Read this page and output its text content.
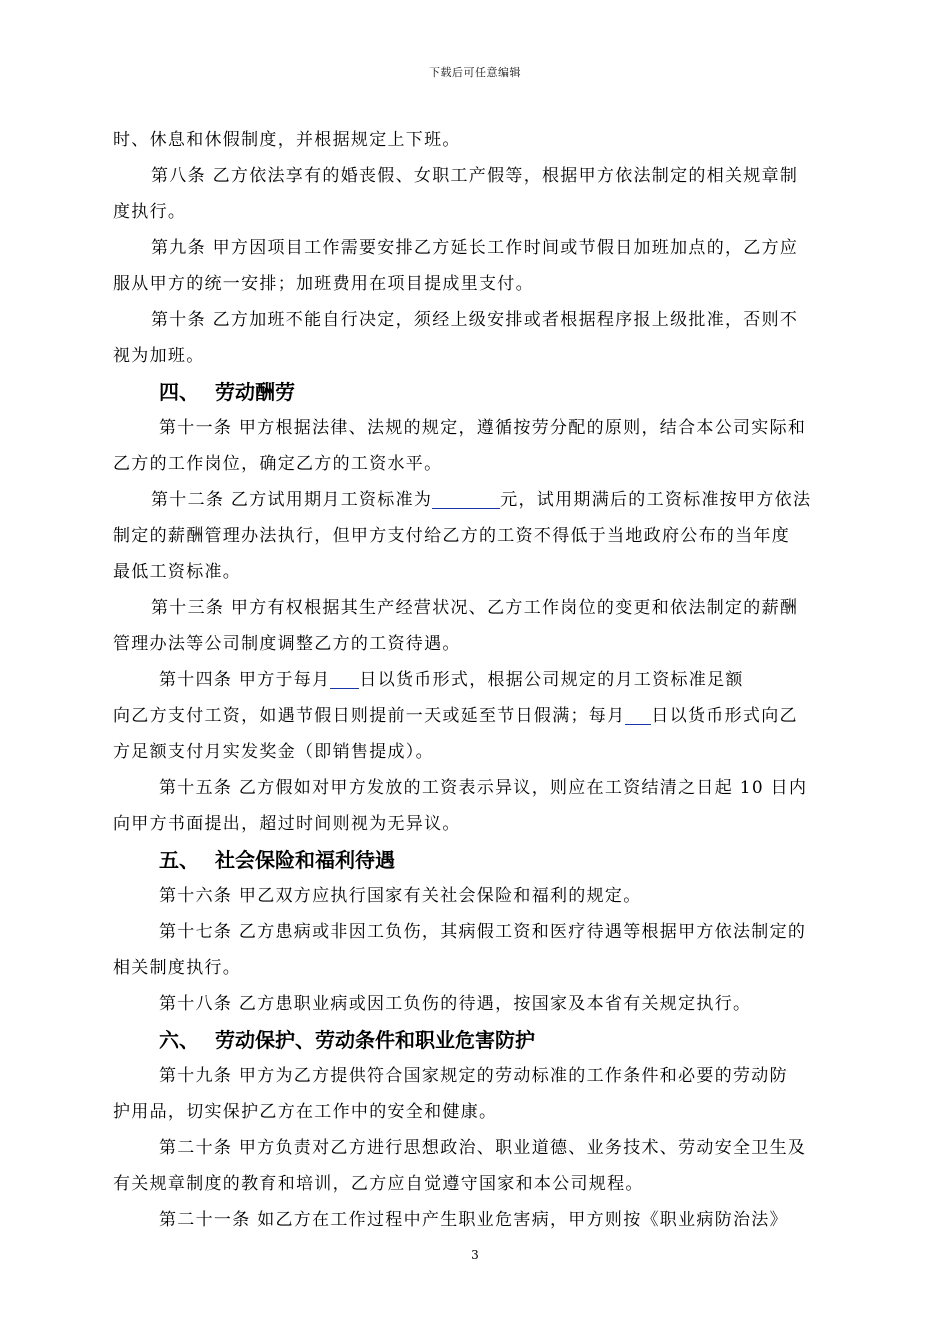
下载后可任意编辑
时、休息和休假制度，并根据规定上下班。
第八条 乙方依法享有的婚丧假、女职工产假等，根据甲方依法制定的相关规章制
度执行。
第九条 甲方因项目工作需要安排乙方延长工作时间或节假日加班加点的，乙方应
服从甲方的统一安排；加班费用在项目提成里支付。
第十条 乙方加班不能自行决定，须经上级安排或者根据程序报上级批准，否则不
视为加班。
四、 劳动酬劳
第十一条 甲方根据法律、法规的规定，遵循按劳分配的原则，结合本公司实际和
乙方的工作岗位，确定乙方的工资水平。
第十二条 乙方试用期月工资标准为	元，试用期满后的工资标准按甲方依法
制定的薪酬管理办法执行，但甲方支付给乙方的工资不得低于当地政府公布的当年度
最低工资标准。
第十三条 甲方有权根据其生产经营状况、乙方工作岗位的变更和依法制定的薪酬
管理办法等公司制度调整乙方的工资待遇。
第十四条 甲方于每月 日以货币形式，根据公司规定的月工资标准足额
向乙方支付工资，如遇节假日则提前一天或延至节日假满；每月 日以货币形式向乙
方足额支付月实发奖金（即销售提成）。
第十五条 乙方假如对甲方发放的工资表示异议，则应在工资结清之日起 10 日内
向甲方书面提出，超过时间则视为无异议。
五、 社会保险和福利待遇
第十六条 甲乙双方应执行国家有关社会保险和福利的规定。
第十七条 乙方患病或非因工负伤，其病假工资和医疗待遇等根据甲方依法制定的
相关制度执行。
第十八条 乙方患职业病或因工负伤的待遇，按国家及本省有关规定执行。
六、 劳动保护、劳动条件和职业危害防护
第十九条 甲方为乙方提供符合国家规定的劳动标准的工作条件和必要的劳动防
护用品，切实保护乙方在工作中的安全和健康。
第二十条 甲方负责对乙方进行思想政治、职业道德、业务技术、劳动安全卫生及
有关规章制度的教育和培训，乙方应自觉遵守国家和本公司规程。
第二十一条 如乙方在工作过程中产生职业危害病，甲方则按《职业病防治法》
3
